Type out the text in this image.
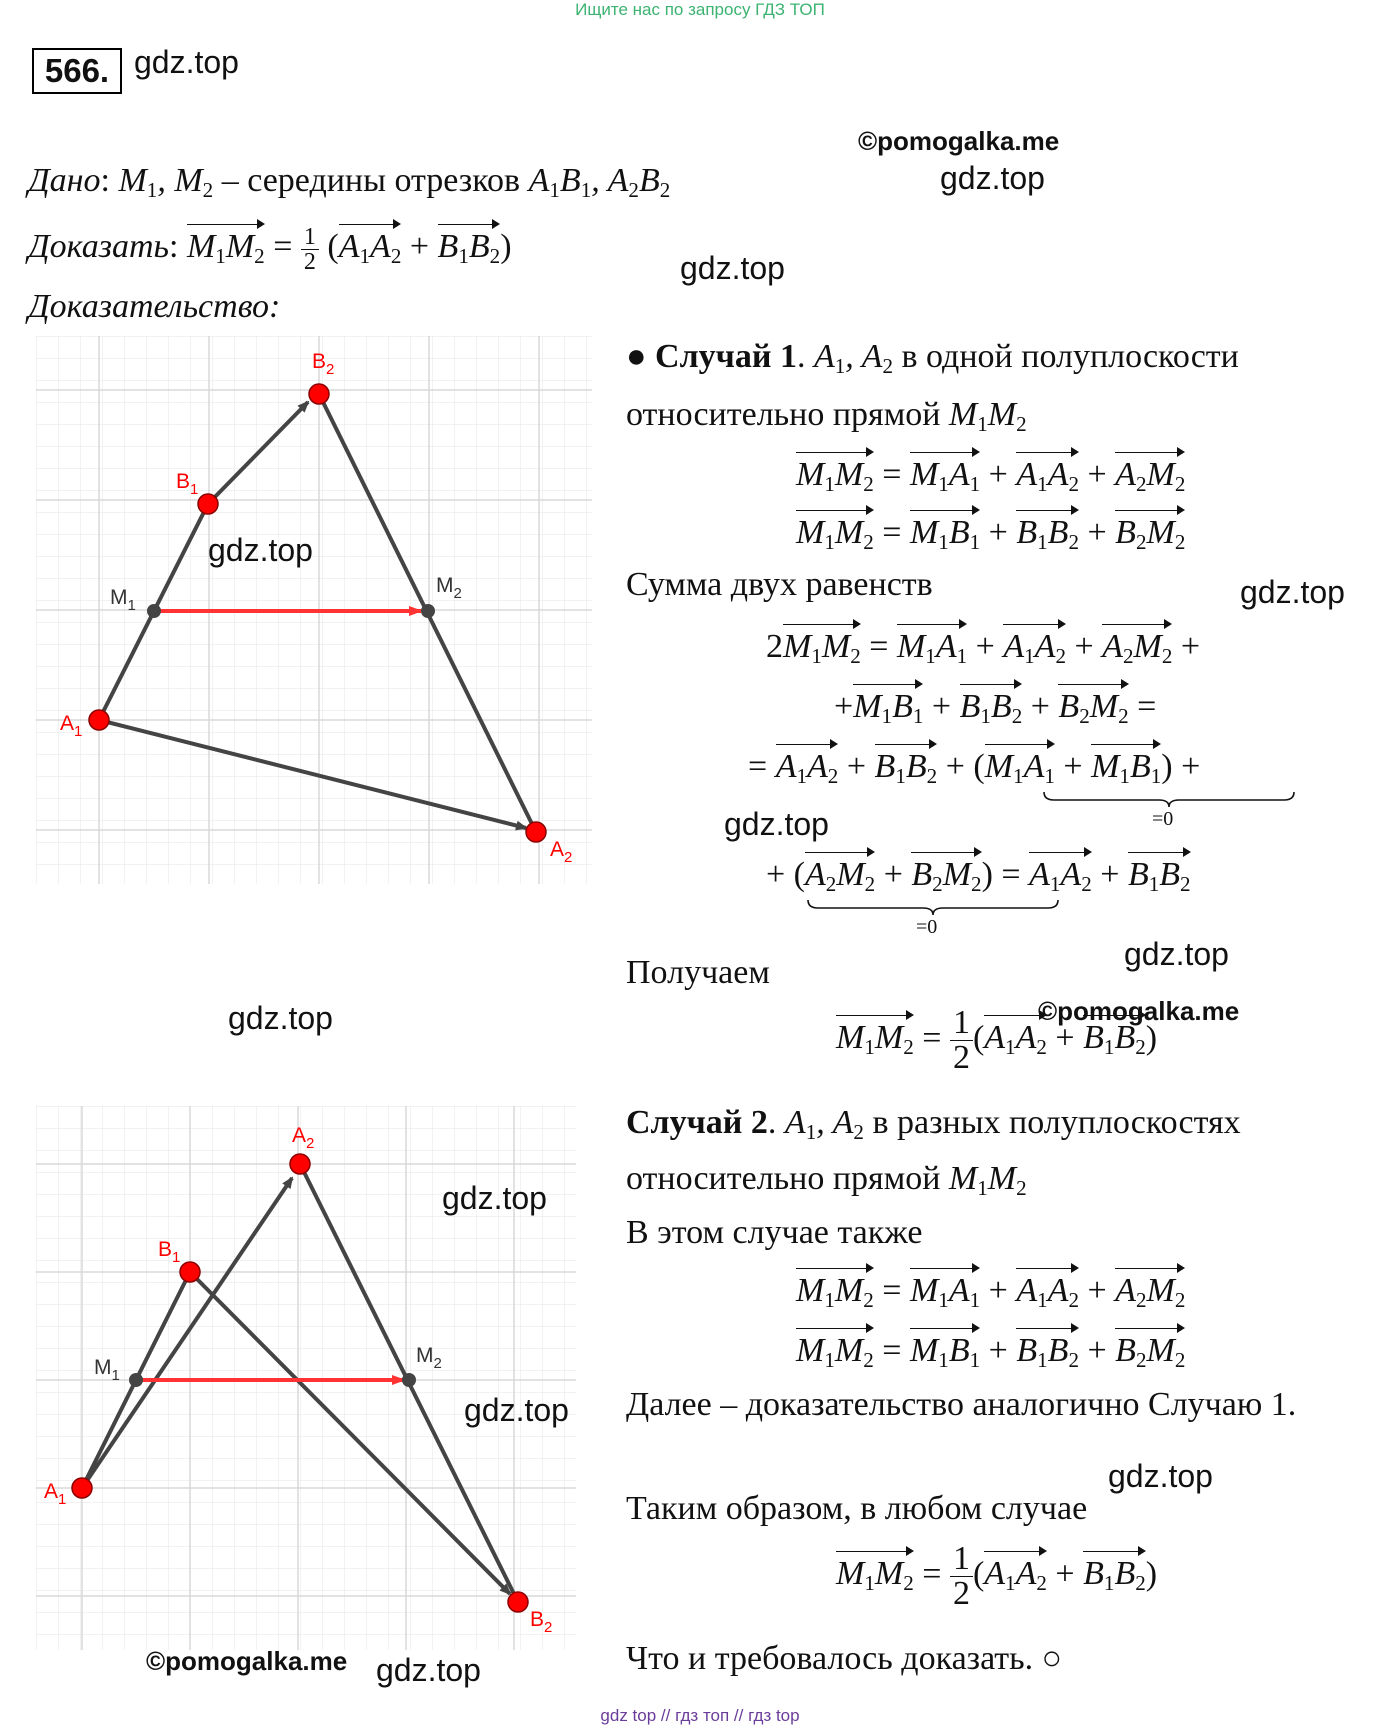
Ищите нас по запросу ГДЗ ТОП
566. gdz.top
©pomogalka.me
gdz.top
Дано: $M_1$, $M_2$ – середины отрезков $A_1B_1$, $A_2B_2$
Доказать: $M_1M_2 = \frac{1}{2} (A_1A_2 + B_1B_2)$
gdz.top
Доказательство:
$B_2$
$B_1$
$M_1$
$M_2$
$A_1$
$A_2$
gdz.top
gdz.top
$A_2$
$B_1$
$M_1$
$M_2$
$A_1$
$B_2$
gdz.top
gdz.top
©pomogalka.me gdz.top
● Случай 1. $A_1$, $A_2$ в одной полуплоскости
относительно прямой $M_1M_2$
$M_1M_2 = M_1A_1 + A_1A_2 + A_2M_2$
$M_1M_2 = M_1B_1 + B_1B_2 + B_2M_2$
Сумма двух равенств	gdz.top
$2M_1M_2 = M_1A_1 + A_1A_2 + A_2M_2$ +
$+M_1B_1 + B_1B_2 + B_2M_2$ =
= $A_1A_2 + B_1B_2 + (M_1A_1 + M_1B_1)$ +
=0
gdz.top
+ $(A_2M_2 + B_2M_2) = A_1A_2 + B_1B_2$
=0
Получаем	gdz.top
©pomogalka.me
$M_1M_2 = \frac{1}{2} (A_1A_2 + B_1B_2)$
Случай 2. $A_1$, $A_2$ в разных полуплоскостях
относительно прямой $M_1M_2$
В этом случае также
$M_1M_2 = M_1A_1 + A_1A_2 + A_2M_2$
$M_1M_2 = M_1B_1 + B_1B_2 + B_2M_2$
Далее – доказательство аналогично Случаю 1.
gdz.top
Таким образом, в любом случае
$M_1M_2 = \frac{1}{2} (A_1A_2 + B_1B_2)$
Что и требовалось доказать. ○
gdz top // гдз топ // гдз top
